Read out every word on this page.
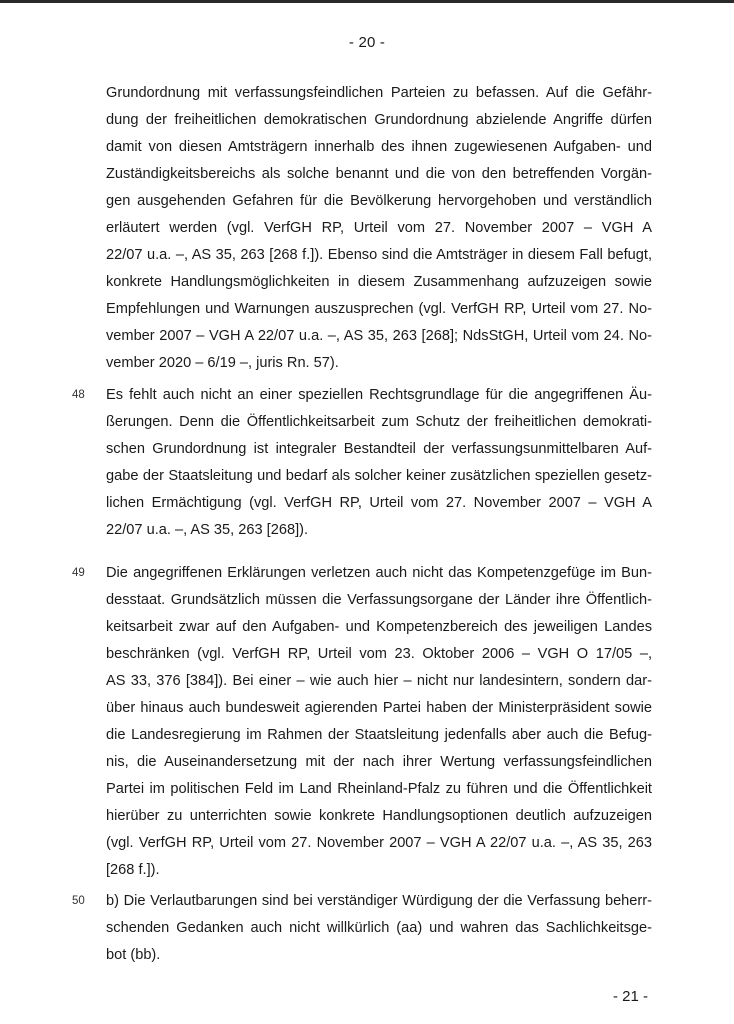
- 20 -
Grundordnung mit verfassungsfeindlichen Parteien zu befassen. Auf die Gefähr-
dung der freiheitlichen demokratischen Grundordnung abzielende Angriffe dürfen
damit von diesen Amtsträgern innerhalb des ihnen zugewiesenen Aufgaben- und
Zuständigkeitsbereichs als solche benannt und die von den betreffenden Vorgän-
gen ausgehenden Gefahren für die Bevölkerung hervorgehoben und verständlich
erläutert werden (vgl. VerfGH RP, Urteil vom 27. November 2007 – VGH A
22/07 u.a. –, AS 35, 263 [268 f.]). Ebenso sind die Amtsträger in diesem Fall befugt,
konkrete Handlungsmöglichkeiten in diesem Zusammenhang aufzuzeigen sowie
Empfehlungen und Warnungen auszusprechen (vgl. VerfGH RP, Urteil vom 27. No-
vember 2007 – VGH A 22/07 u.a. –, AS 35, 263 [268]; NdsStGH, Urteil vom 24. No-
vember 2020 – 6/19 –, juris Rn. 57).
48 Es fehlt auch nicht an einer speziellen Rechtsgrundlage für die angegriffenen Äu-
ßerungen. Denn die Öffentlichkeitsarbeit zum Schutz der freiheitlichen demokrati-
schen Grundordnung ist integraler Bestandteil der verfassungsunmittelbaren Auf-
gabe der Staatsleitung und bedarf als solcher keiner zusätzlichen speziellen gesetz-
lichen Ermächtigung (vgl. VerfGH RP, Urteil vom 27. November 2007 – VGH A
22/07 u.a. –, AS 35, 263 [268]).
49 Die angegriffenen Erklärungen verletzen auch nicht das Kompetenzgefüge im Bun-
desstaat. Grundsätzlich müssen die Verfassungsorgane der Länder ihre Öffentlich-
keitsarbeit zwar auf den Aufgaben- und Kompetenzbereich des jeweiligen Landes
beschränken (vgl. VerfGH RP, Urteil vom 23. Oktober 2006 – VGH O 17/05 –,
AS 33, 376 [384]). Bei einer – wie auch hier – nicht nur landesintern, sondern dar-
über hinaus auch bundesweit agierenden Partei haben der Ministerpräsident sowie
die Landesregierung im Rahmen der Staatsleitung jedenfalls aber auch die Befug-
nis, die Auseinandersetzung mit der nach ihrer Wertung verfassungsfeindlichen
Partei im politischen Feld im Land Rheinland-Pfalz zu führen und die Öffentlichkeit
hierüber zu unterrichten sowie konkrete Handlungsoptionen deutlich aufzuzeigen
(vgl. VerfGH RP, Urteil vom 27. November 2007 – VGH A 22/07 u.a. –, AS 35, 263
[268 f.]).
50 b) Die Verlautbarungen sind bei verständiger Würdigung der die Verfassung beherr-
schenden Gedanken auch nicht willkürlich (aa) und wahren das Sachlichkeitsge-
bot (bb).
- 21 -
